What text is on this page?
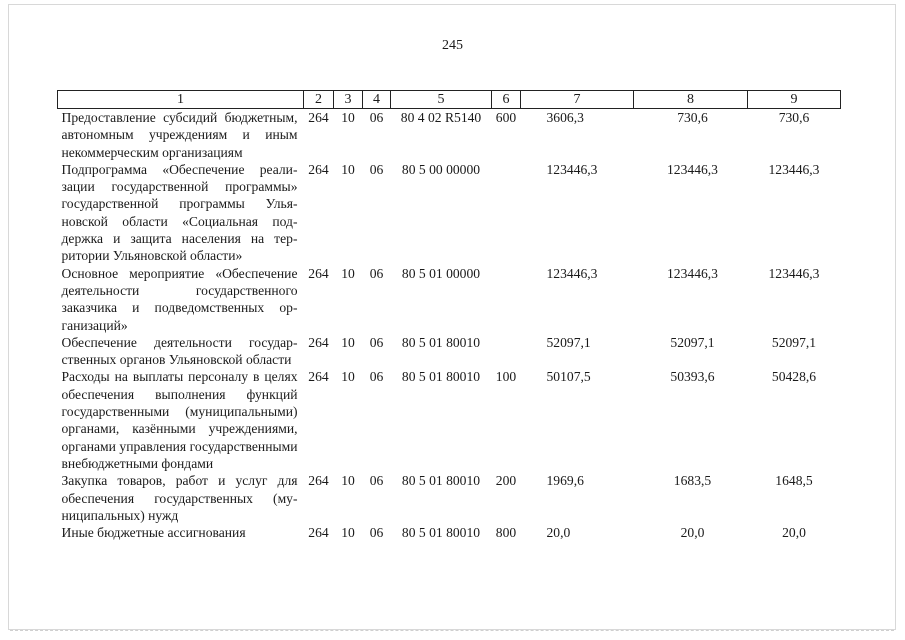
245
1	2	3	4	5	6	7	8	9
Предоставление субсидий бюджетным, автономным учреждениям и иным некоммерческим организациям	264	10	06	80 4 02 R5140	600	3606,3	730,6	730,6
Подпрограмма «Обеспечение реализации государственной программы» государственной программы Ульяновской области «Социальная поддержка и защита населения на территории Ульяновской области»	264	10	06	80 5 00 00000		123446,3	123446,3	123446,3
Основное мероприятие «Обеспечение деятельности государственного заказчика и подведомственных организаций»	264	10	06	80 5 01 00000		123446,3	123446,3	123446,3
Обеспечение деятельности государственных органов Ульяновской области	264	10	06	80 5 01 80010		52097,1	52097,1	52097,1
Расходы на выплаты персоналу в целях обеспечения выполнения функций государственными (муниципальными) органами, казёнными учреждениями, органами управления государственными внебюджетными фондами	264	10	06	80 5 01 80010	100	50107,5	50393,6	50428,6
Закупка товаров, работ и услуг для обеспечения государственных (муниципальных) нужд	264	10	06	80 5 01 80010	200	1969,6	1683,5	1648,5
Иные бюджетные ассигнования	264	10	06	80 5 01 80010	800	20,0	20,0	20,0
